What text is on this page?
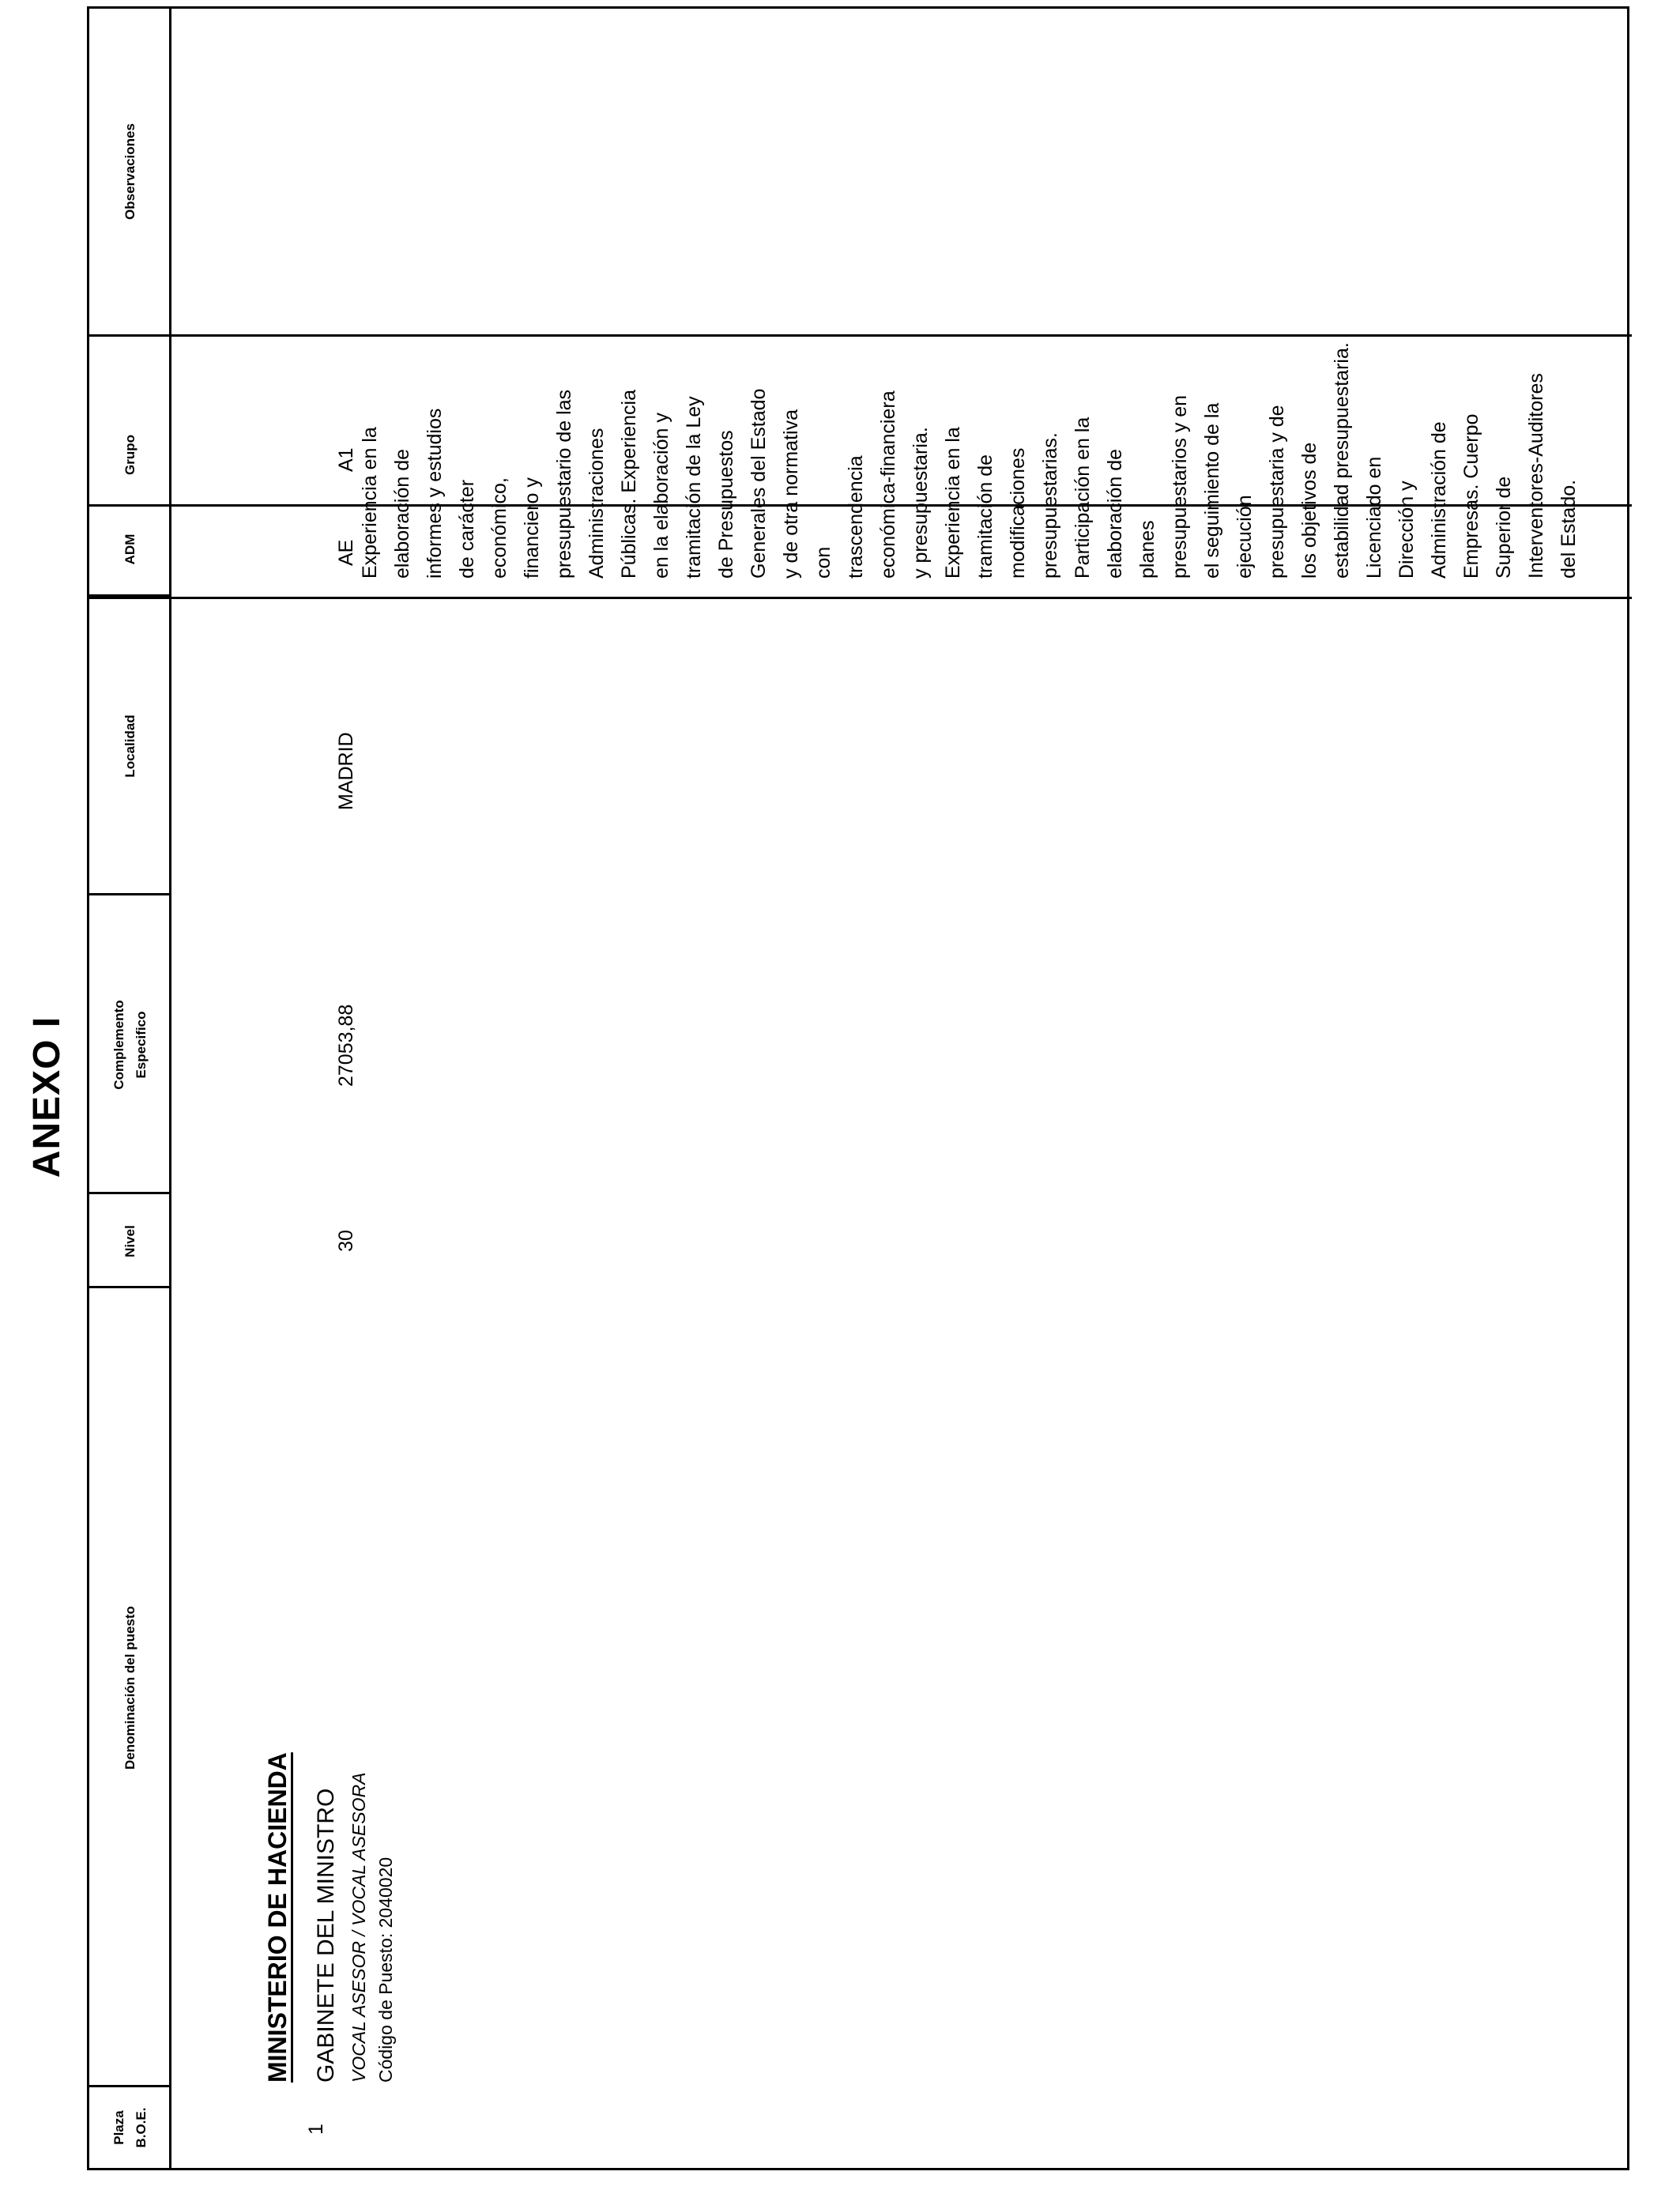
ANEXO I
Plaza B.O.E.
Denominación del puesto
Nivel
Complemento Especifico
Localidad
ADM
Grupo
Observaciones
1
MINISTERIO DE HACIENDA GABINETE DEL MINISTRO VOCAL ASESOR / VOCAL ASESORA Código de Puesto: 2040020
30
27053,88
MADRID
AE
A1 Experiencia en la elaboración de informes y estudios de carácter económico, financiero y presupuestario de las Administraciones Públicas. Experiencia en la elaboración y tramitación de la Ley de Presupuestos Generales del Estado y de otra normativa con trascendencia económica-financiera y presupuestaria. Experiencia en la tramitación de modificaciones presupuestarias. Participación en la elaboración de planes presupuestarios y en el seguimiento de la ejecución presupuestaria y de los objetivos de estabilidad presupuestaria. Licenciado en Dirección y Administración de Empresas. Cuerpo Superior de Interventores-Auditores del Estado.
